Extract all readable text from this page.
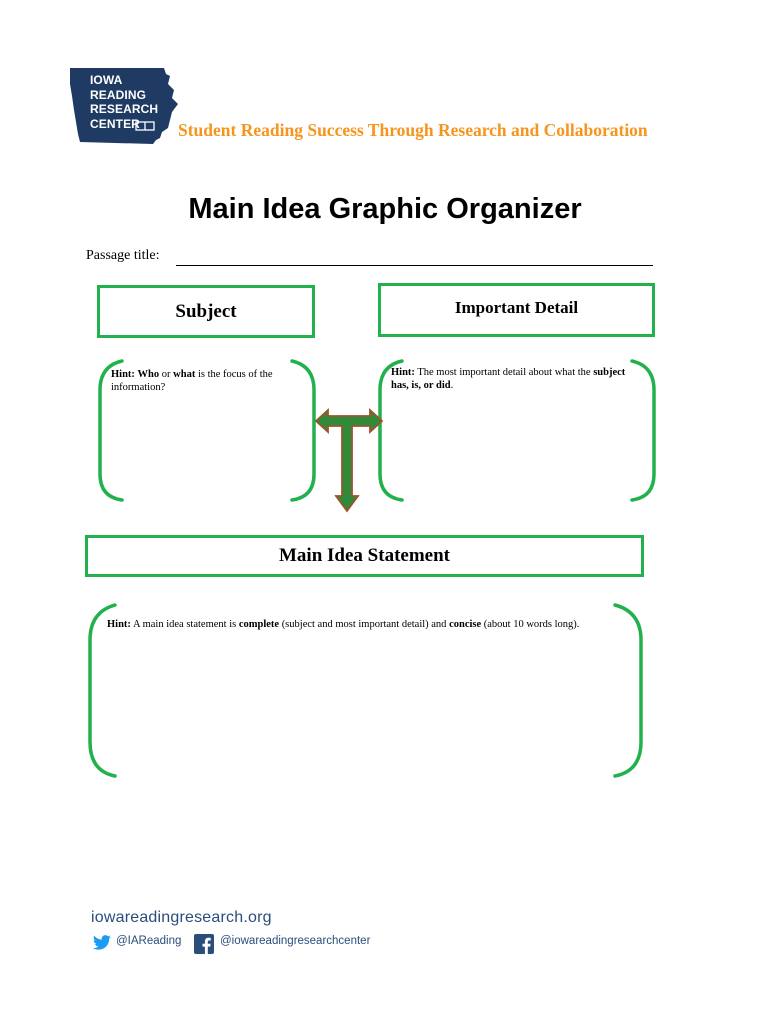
IOWA
READING
RESEARCH
CENTER	Student Reading Success Through Research and Collaboration
Main Idea Graphic Organizer
Passage title:
Subject	Important Detail
Main Idea Statement
Hint: Who or what is the focus of the information?
Hint: The most important detail about what the subject has, is, or did.
Hint: A main idea statement is complete (subject and most important detail) and concise (about 10 words long).
iowareadingresearch.org
@IAReading	@iowareadingresearchcenter
